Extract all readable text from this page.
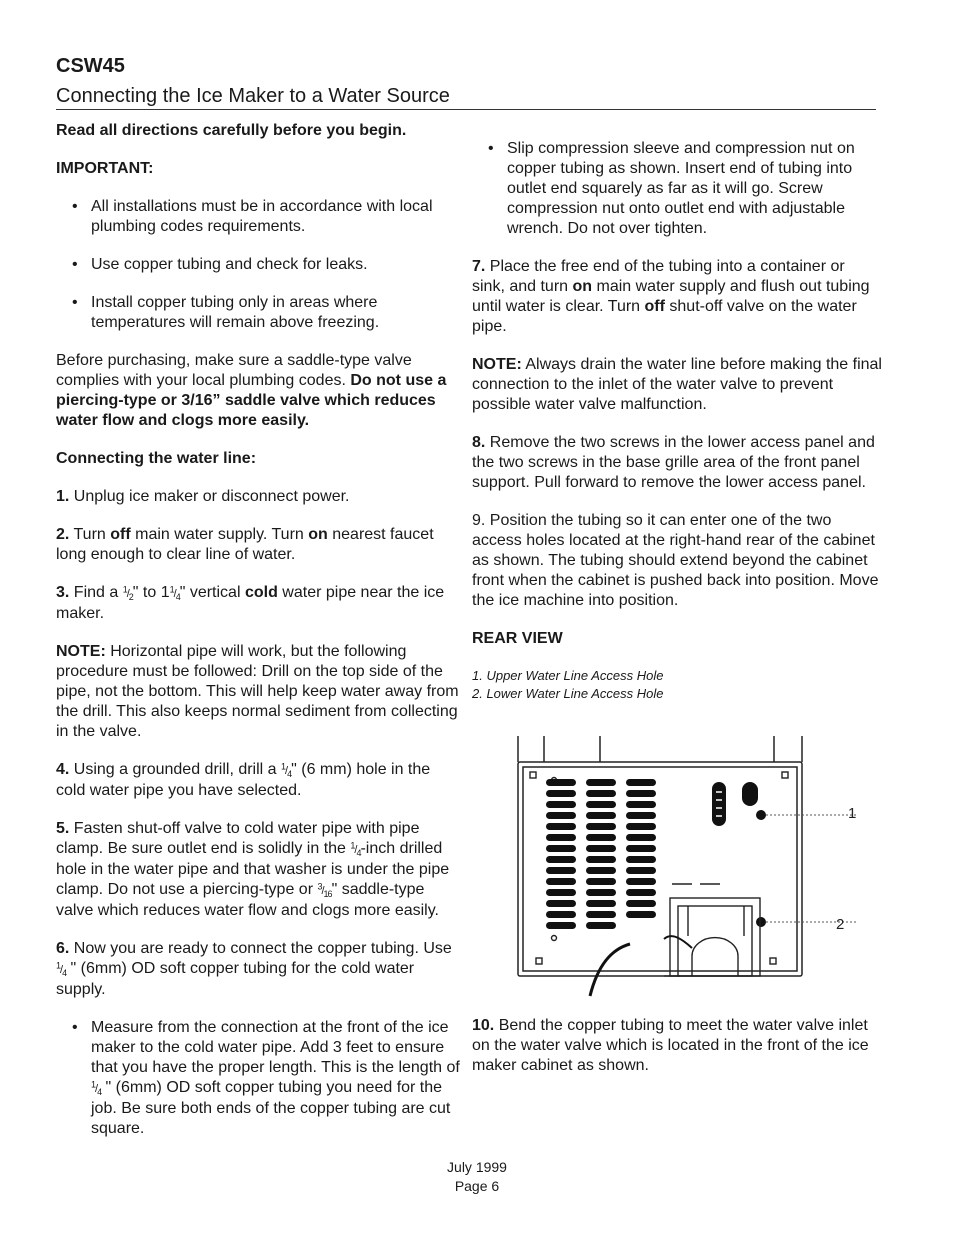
CSW45
Connecting the Ice Maker to a Water Source

Read all directions carefully before you begin.

IMPORTANT:

• All installations must be in accordance with local plumbing codes requirements.
• Use copper tubing and check for leaks.
• Install copper tubing only in areas where temperatures will remain above freezing.

Before purchasing, make sure a saddle-type valve complies with your local plumbing codes. Do not use a piercing-type or 3/16” saddle valve which reduces water flow and clogs more easily.

Connecting the water line:

1. Unplug ice maker or disconnect power.

2. Turn off main water supply. Turn on nearest faucet long enough to clear line of water.

3. Find a $^1/_2$" to $1^1/_4$" vertical cold water pipe near the ice maker.

NOTE: Horizontal pipe will work, but the following procedure must be followed: Drill on the top side of the pipe, not the bottom. This will help keep water away from the drill. This also keeps normal sediment from collecting in the valve.

4. Using a grounded drill, drill a $^1/_4$" (6 mm) hole in the cold water pipe you have selected.

5. Fasten shut-off valve to cold water pipe with pipe clamp. Be sure outlet end is solidly in the $^1/_4$-inch drilled hole in the water pipe and that washer is under the pipe clamp. Do not use a piercing-type or $^3/_{16}$" saddle-type valve which reduces water flow and clogs more easily.

6. Now you are ready to connect the copper tubing. Use $^1/_4$ " (6mm) OD soft copper tubing for the cold water supply.

• Measure from the connection at the front of the ice maker to the cold water pipe. Add 3 feet to ensure that you have the proper length. This is the length of $^1/_4$ " (6mm) OD soft copper tubing you need for the job. Be sure both ends of the copper tubing are cut square.
• Slip compression sleeve and compression nut on copper tubing as shown. Insert end of tubing into outlet end squarely as far as it will go. Screw compression nut onto outlet end with adjustable wrench. Do not over tighten.

7. Place the free end of the tubing into a container or sink, and turn on main water supply and flush out tubing until water is clear. Turn off shut-off valve on the water pipe.

NOTE: Always drain the water line before making the final connection to the inlet of the water valve to prevent possible water valve malfunction.

8. Remove the two screws in the lower access panel and the two screws in the base grille area of the front panel support. Pull forward to remove the lower access panel.

9. Position the tubing so it can enter one of the two access holes located at the right-hand rear of the cabinet as shown. The tubing should extend beyond the cabinet front when the cabinet is pushed back into position. Move the ice machine into position.

REAR VIEW

1. Upper Water Line Access Hole
2. Lower Water Line Access Hole
1
2

10. Bend the copper tubing to meet the water valve inlet on the water valve which is located in the front of the ice maker cabinet as shown.

July 1999
Page 6
